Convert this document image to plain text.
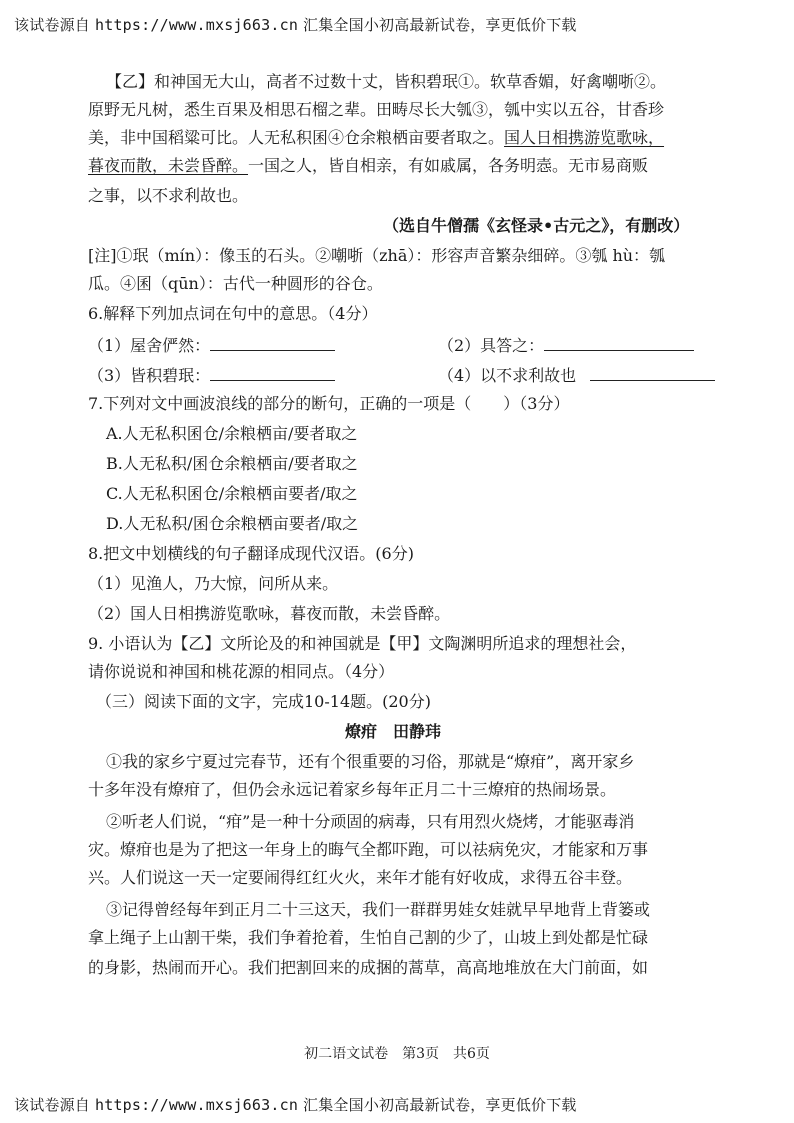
该试卷源自 https://www.mxsj663.cn 汇集全国小初高最新试卷，享更低价下载
【乙】和神国无大山，高者不过数十丈，皆积碧珉①。软草香媚，好禽嘲哳②。
原野无凡树，悉生百果及相思石榴之辈。田畴尽长大瓠③，瓠中实以五谷，甘香珍
美，非中国稻粱可比。人无私积囷④仓余粮栖亩要者取之。国人日相携游览歌咏，
暮夜而散，未尝昏醉。一国之人，皆自相亲，有如戚属，各务明悫。无市易商贩
之事，以不求利故也。
（选自牛僧孺《玄怪录•古元之》，有删改）
[注]①珉（mín）：像玉的石头。②嘲哳（zhā）：形容声音繁杂细碎。③瓠 hù：瓠
瓜。④囷（qūn）：古代一种圆形的谷仓。
6.解释下列加点词在句中的意思。（4分）
（1）屋舍俨然：	（2）具答之：
（3）皆积碧珉：	（4）以不求利故也
7.下列对文中画波浪线的部分的断句，正确的一项是（　　）（3分）
A.人无私积囷仓/余粮栖亩/要者取之
B.人无私积/囷仓余粮栖亩/要者取之
C.人无私积囷仓/余粮栖亩要者/取之
D.人无私积/囷仓余粮栖亩要者/取之
8.把文中划横线的句子翻译成现代汉语。(6分)
（1）见渔人，乃大惊，问所从来。
（2）国人日相携游览歌咏，暮夜而散，未尝昏醉。
9. 小语认为【乙】文所论及的和神国就是【甲】文陶渊明所追求的理想社会，
请你说说和神国和桃花源的相同点。（4分）
（三）阅读下面的文字，完成10-14题。(20分)
燎疳　田静玮
①我的家乡宁夏过完春节，还有个很重要的习俗，那就是“燎疳”，离开家乡
十多年没有燎疳了，但仍会永远记着家乡每年正月二十三燎疳的热闹场景。
②听老人们说，“疳”是一种十分顽固的病毒，只有用烈火烧烤，才能驱毒消
灾。燎疳也是为了把这一年身上的晦气全都吓跑，可以祛病免灾，才能家和万事
兴。人们说这一天一定要闹得红红火火，来年才能有好收成，求得五谷丰登。
③记得曾经每年到正月二十三这天，我们一群群男娃女娃就早早地背上背篓或
拿上绳子上山割干柴，我们争着抢着，生怕自己割的少了，山坡上到处都是忙碌
的身影，热闹而开心。我们把割回来的成捆的蒿草，高高地堆放在大门前面，如
初二语文试卷　第3页　共6页
该试卷源自 https://www.mxsj663.cn 汇集全国小初高最新试卷，享更低价下载
